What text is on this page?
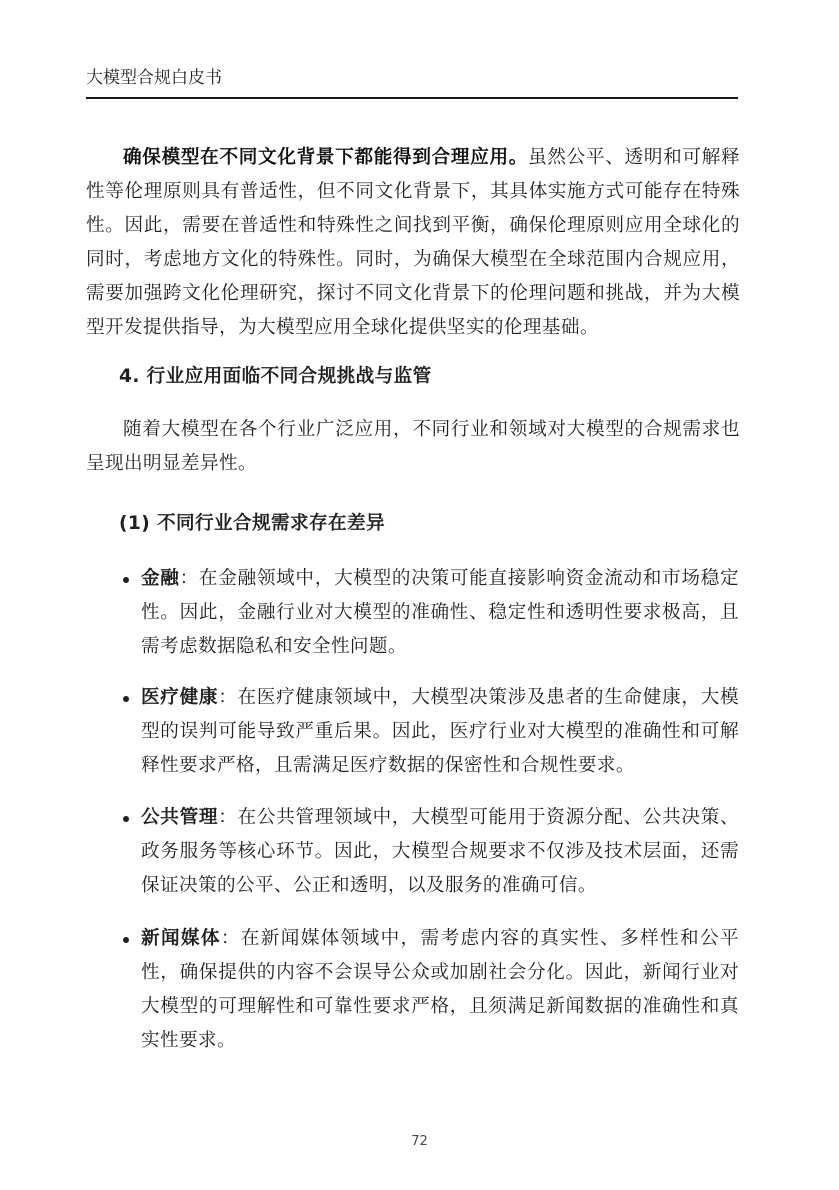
大模型合规白皮书

确保模型在不同文化背景下都能得到合理应用。虽然公平、透明和可解释性等伦理原则具有普适性，但不同文化背景下，其具体实施方式可能存在特殊性。因此，需要在普适性和特殊性之间找到平衡，确保伦理原则应用全球化的同时，考虑地方文化的特殊性。同时，为确保大模型在全球范围内合规应用，需要加强跨文化伦理研究，探讨不同文化背景下的伦理问题和挑战，并为大模型开发提供指导，为大模型应用全球化提供坚实的伦理基础。

4. 行业应用面临不同合规挑战与监管

随着大模型在各个行业广泛应用，不同行业和领域对大模型的合规需求也呈现出明显差异性。

(1) 不同行业合规需求存在差异

金融：在金融领域中，大模型的决策可能直接影响资金流动和市场稳定性。因此，金融行业对大模型的准确性、稳定性和透明性要求极高，且需考虑数据隐私和安全性问题。

医疗健康：在医疗健康领域中，大模型决策涉及患者的生命健康，大模型的误判可能导致严重后果。因此，医疗行业对大模型的准确性和可解释性要求严格，且需满足医疗数据的保密性和合规性要求。

公共管理：在公共管理领域中，大模型可能用于资源分配、公共决策、政务服务等核心环节。因此，大模型合规要求不仅涉及技术层面，还需保证决策的公平、公正和透明，以及服务的准确可信。

新闻媒体：在新闻媒体领域中，需考虑内容的真实性、多样性和公平性，确保提供的内容不会误导公众或加剧社会分化。因此，新闻行业对大模型的可理解性和可靠性要求严格，且须满足新闻数据的准确性和真实性要求。

72
